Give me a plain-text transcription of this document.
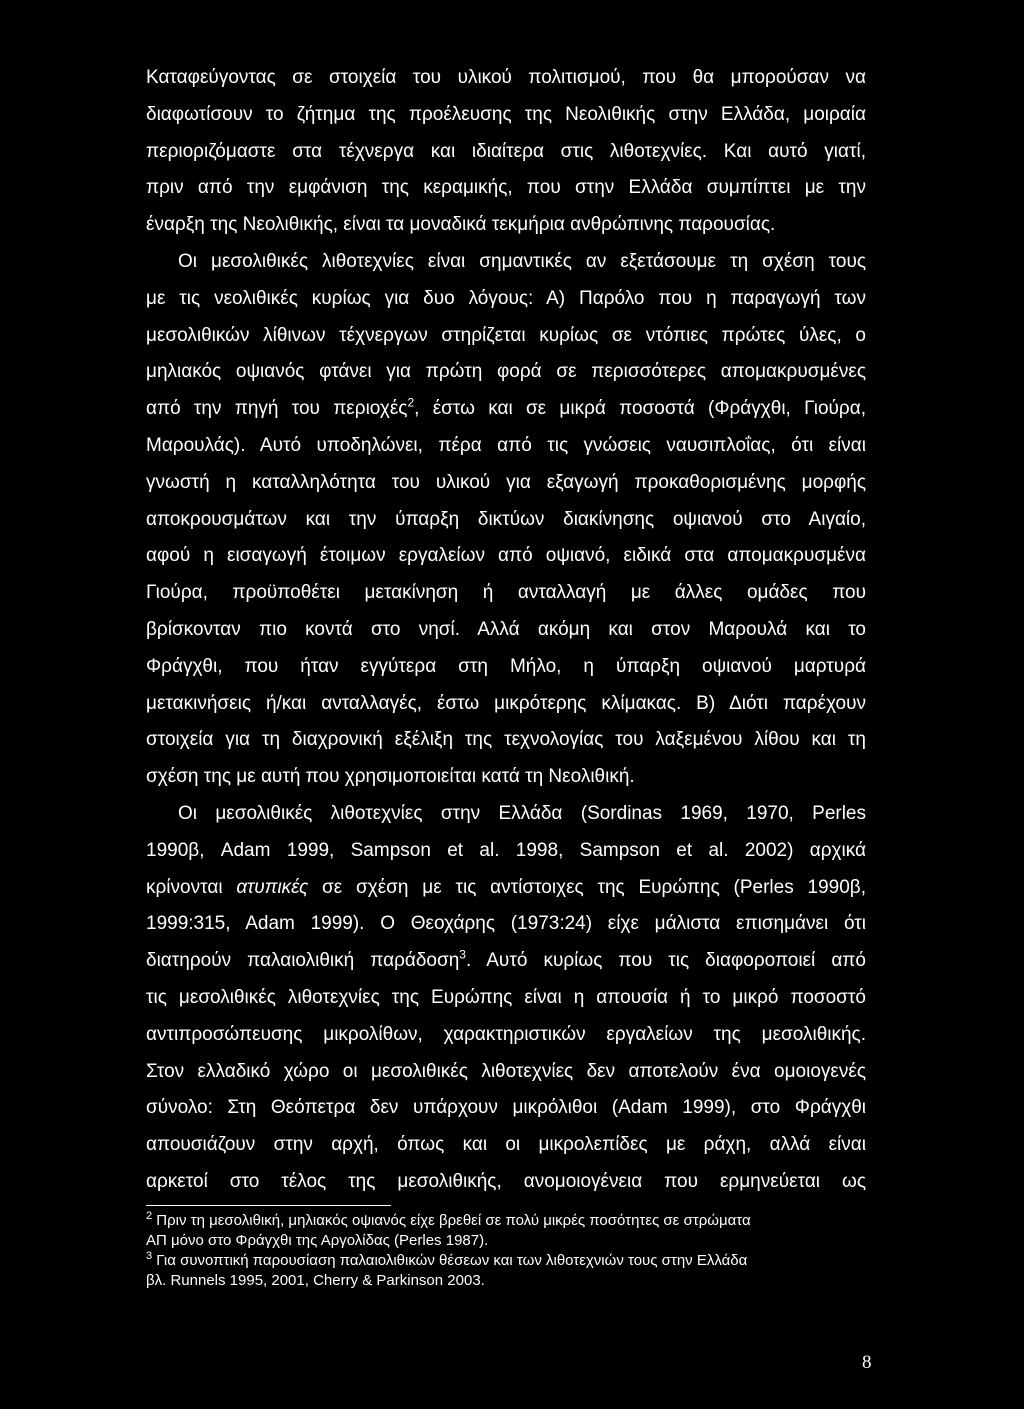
Καταφεύγοντας σε στοιχεία του υλικού πολιτισμού, που θα μπορούσαν να
διαφωτίσουν το ζήτημα της προέλευσης της Νεολιθικής στην Ελλάδα, μοιραία
περιοριζόμαστε στα τέχνεργα και ιδιαίτερα στις λιθοτεχνίες. Και αυτό γιατί,
πριν από την εμφάνιση της κεραμικής, που στην Ελλάδα συμπίπτει με την
έναρξη της Νεολιθικής, είναι τα μοναδικά τεκμήρια ανθρώπινης παρουσίας.
Οι μεσολιθικές λιθοτεχνίες είναι σημαντικές αν εξετάσουμε τη σχέση τους
με τις νεολιθικές κυρίως για δυο λόγους: Α) Παρόλο που η παραγωγή των
μεσολιθικών λίθινων τέχνεργων στηρίζεται κυρίως σε ντόπιες πρώτες ύλες, ο
μηλιακός οψιανός φτάνει για πρώτη φορά σε περισσότερες απομακρυσμένες
από την πηγή του περιοχές$^2$, έστω και σε μικρά ποσοστά (Φράγχθι, Γιούρα,
Μαρουλάς). Αυτό υποδηλώνει, πέρα από τις γνώσεις ναυσιπλοΐας, ότι είναι
γνωστή η καταλληλότητα του υλικού για εξαγωγή προκαθορισμένης μορφής
αποκρουσμάτων και την ύπαρξη δικτύων διακίνησης οψιανού στο Αιγαίο,
αφού η εισαγωγή έτοιμων εργαλείων από οψιανό, ειδικά στα απομακρυσμένα
Γιούρα, προϋποθέτει μετακίνηση ή ανταλλαγή με άλλες ομάδες που
βρίσκονταν πιο κοντά στο νησί. Αλλά ακόμη και στον Μαρουλά και το
Φράγχθι, που ήταν εγγύτερα στη Μήλο, η ύπαρξη οψιανού μαρτυρά
μετακινήσεις ή/και ανταλλαγές, έστω μικρότερης κλίμακας. Β) Διότι παρέχουν
στοιχεία για τη διαχρονική εξέλιξη της τεχνολογίας του λαξεμένου λίθου και τη
σχέση της με αυτή που χρησιμοποιείται κατά τη Νεολιθική.
Οι μεσολιθικές λιθοτεχνίες στην Ελλάδα (Sordinas 1969, 1970, Perles
1990β, Adam 1999, Sampson et al. 1998, Sampson et al. 2002) αρχικά
κρίνονται ατυπικές σε σχέση με τις αντίστοιχες της Ευρώπης (Perles 1990β,
1999:315, Adam 1999). Ο Θεοχάρης (1973:24) είχε μάλιστα επισημάνει ότι
διατηρούν παλαιολιθική παράδοση$^3$. Αυτό κυρίως που τις διαφοροποιεί από
τις μεσολιθικές λιθοτεχνίες της Ευρώπης είναι η απουσία ή το μικρό ποσοστό
αντιπροσώπευσης μικρολίθων, χαρακτηριστικών εργαλείων της μεσολιθικής.
Στον ελλαδικό χώρο οι μεσολιθικές λιθοτεχνίες δεν αποτελούν ένα ομοιογενές
σύνολο: Στη Θεόπετρα δεν υπάρχουν μικρόλιθοι (Adam 1999), στο Φράγχθι
απουσιάζουν στην αρχή, όπως και οι μικρολεπίδες με ράχη, αλλά είναι
αρκετοί στο τέλος της μεσολιθικής, ανομοιογένεια που ερμηνεύεται ως
8
$^2$ Πριν τη μεσολιθική, μηλιακός οψιανός είχε βρεθεί σε πολύ μικρές ποσότητες σε στρώματα
ΑΠ μόνο στο Φράγχθι της Αργολίδας (Perles 1987).
$^3$ Για συνοπτική παρουσίαση παλαιολιθικών θέσεων και των λιθοτεχνιών τους στην Ελλάδα
βλ. Runnels 1995, 2001, Cherry & Parkinson 2003.
